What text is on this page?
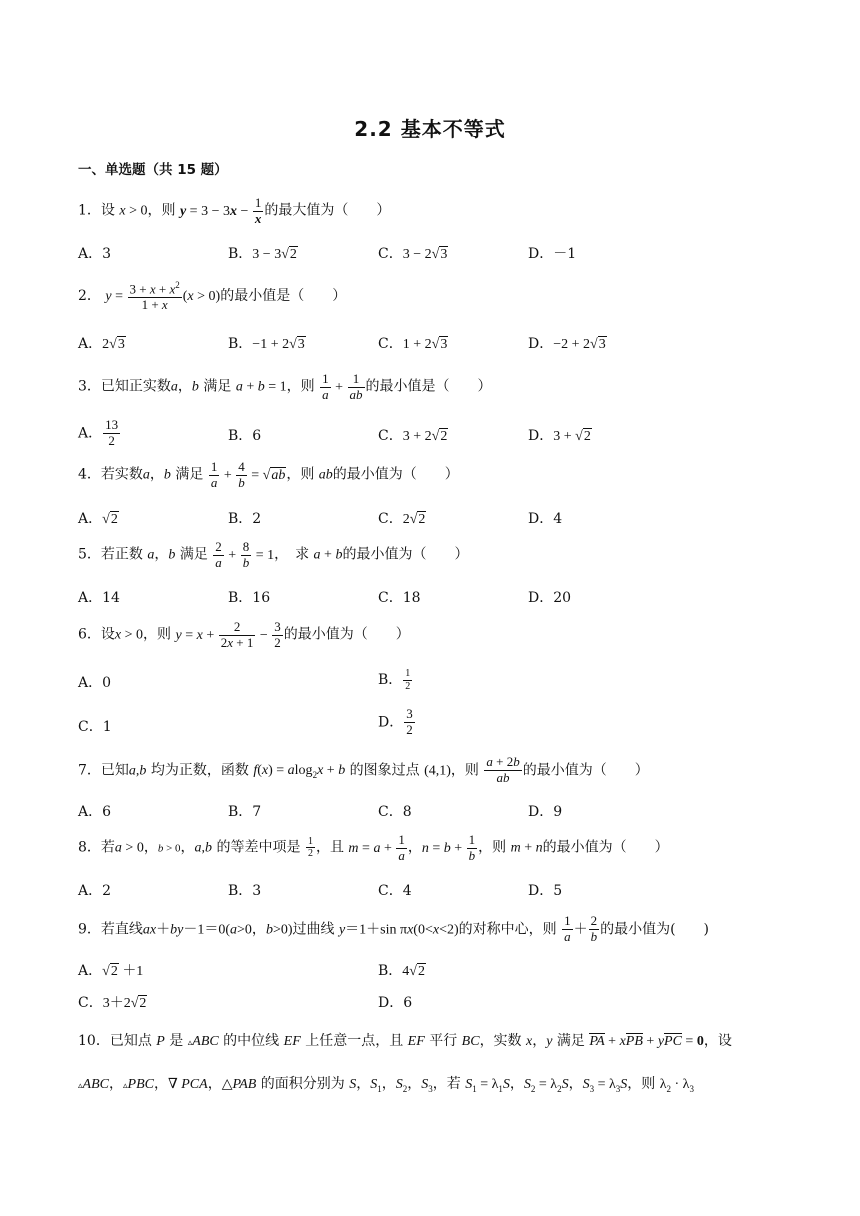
2.2 基本不等式
一、单选题（共 15 题）
1．设 x > 0，则 $y = 3 - 3x - \frac{1}{x}$ 的最大值为（　　）
A．3	B．3 − 3√2	C．3 − 2√3	D．－1
2． $y = \frac{3 + x + x^2}{1 + x} (x > 0)$的最小值是（　　）
A．2√3	B．−1 + 2√3	C．1 + 2√3	D．−2 + 2√3
3．已知正实数a，b 满足 a + b = 1，则 $\frac{1}{a} + \frac{1}{ab}$ 的最小值是（　　）
A． $\frac{13}{2}$	B．6	C．3 + 2√2	D．3 + √2
4．若实数a，b 满足 $\frac{1}{a} + \frac{4}{b} = √ab$，则 ab的最小值为（　　）
A．√2	B．2	C．2√2	D．4
5．若正数 a，b 满足 $\frac{2}{a} + \frac{8}{b} = 1$，　求 a + b的最小值为（　　）
A．14	B．16	C．18	D．20
6．设x > 0，则 $y = x + \frac{2}{2x + 1} - \frac{3}{2}$ 的最小值为（　　）
A．0	B． $\frac{1}{2}$
C．1	D． $\frac{3}{2}$
7．已知a,b 均为正数，函数 f(x) = alog$_2$x + b 的图象过点 (4,1)，则 $\frac{a + 2b}{ab}$ 的最小值为（　　）
A．6	B．7	C．8	D．9
8．若a > 0，b > 0，a,b 的等差中项是 $\frac{1}{2}$ ，且 $m = a + \frac{1}{a}$ ，$n = b + \frac{1}{b}$ ，则 m + n的最小值为（　　）
A．2	B．3	C．4	D．5
9．若直线ax＋by－1＝0(a>0，b>0)过曲线 y＝1＋sin πx(0<x<2)的对称中心，则 $\frac{1}{a} + \frac{2}{b}$ 的最小值为(　　)
A．√2 ＋1	B．4√2
C．3＋2√2	D．6
10．已知点 P 是 ▵ABC 的中位线 EF 上任意一点，且 EF 平行 BC，实数 x，y 满足 PA + xPB + yPC = 0，设
▵ABC，▵PBC，∇ PCA，△PAB 的面积分别为 S，$S_1$，$S_2$，$S_3$，若 $S_1 = \lambda_1S$，$S_2 = \lambda_2S$，$S_3 = \lambda_3S$，则 $\lambda_2 \cdot \lambda_3$
